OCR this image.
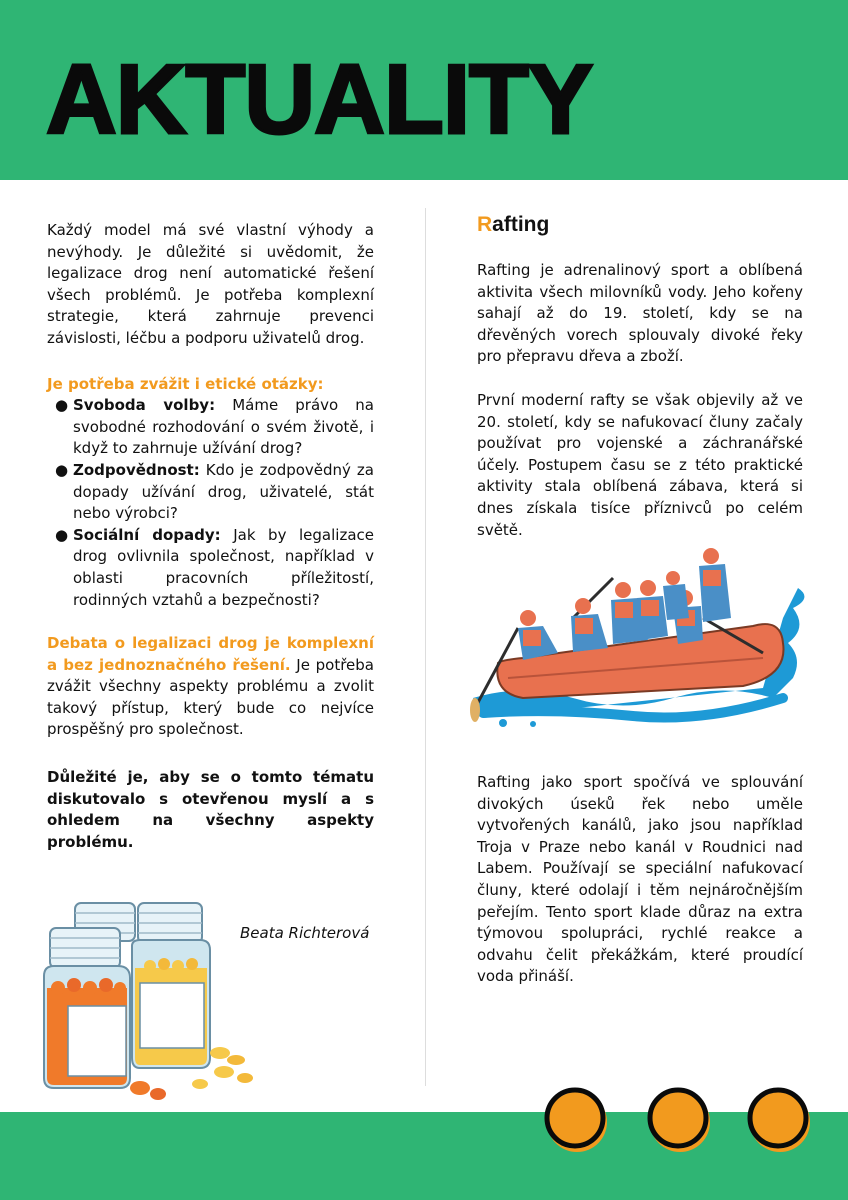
AKTUALITY

Každý model má své vlastní výhody a nevýhody. Je důležité si uvědomit, že legalizace drog není automatické řešení všech problémů. Je potřeba komplexní strategie, která zahrnuje prevenci závislosti, léčbu a podporu uživatelů drog.

Je potřeba zvážit i etické otázky:

● Svoboda volby: Máme právo na svobodné rozhodování o svém životě, i když to zahrnuje užívání drog?
● Zodpovědnost: Kdo je zodpovědný za dopady užívání drog, uživatelé, stát nebo výrobci?
● Sociální dopady: Jak by legalizace drog ovlivnila společnost, například v oblasti pracovních příležitostí, rodinných vztahů a bezpečnosti?

Debata o legalizaci drog je komplexní a bez jednoznačného řešení. Je potřeba zvážit všechny aspekty problému a zvolit takový přístup, který bude co nejvíce prospěšný pro společnost.

Důležité je, aby se o tomto tématu diskutovalo s otevřenou myslí a s ohledem na všechny aspekty problému.

Beata Richterová

Rafting

Rafting je adrenalinový sport a oblíbená aktivita všech milovníků vody. Jeho kořeny sahají až do 19. století, kdy se na dřevěných vorech splouvaly divoké řeky pro přepravu dřeva a zboží.

První moderní rafty se však objevily až ve 20. století, kdy se nafukovací čluny začaly používat pro vojenské a záchranářské účely. Postupem času se z této praktické aktivity stala oblíbená zábava, která si dnes získala tisíce příznivců po celém světě.

Rafting jako sport spočívá ve splouvání divokých úseků řek nebo uměle vytvořených kanálů, jako jsou například Troja v Praze nebo kanál v Roudnici nad Labem. Používají se speciální nafukovací čluny, které odolají i těm nejnáročnějším peřejím. Tento sport klade důraz na extra týmovou spolupráci, rychlé reakce a odvahu čelit překážkám, které proudící voda přináší.
